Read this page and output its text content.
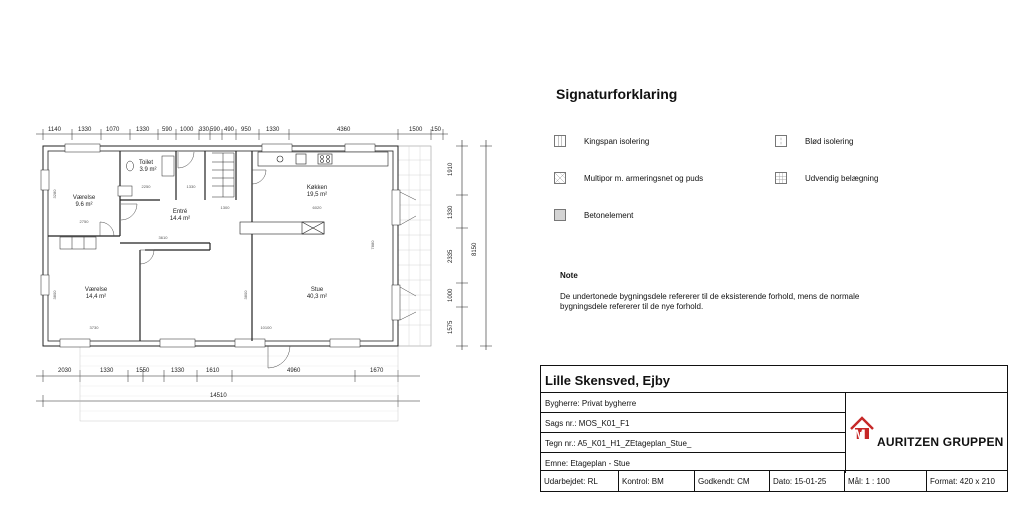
1140	1330 1070	1330 590 1000 330 590 490 950 1330	4360	1500 150
1910
1330
2335
1000
1575
8150
2030	1330	1550	1330	1610	4960	1670
14510
Toilet
3.9 m²
Køkken
19,5 m²
Værelse
9.6 m²
Entré
14.4 m²
Værelse
14,4 m²
Stue
40,3 m²
2250	1330
1300	6020
2750
3610
3730	10100
3280
3800	3800
7880
Signaturforklaring
Kingspan isolering	Blød isolering
Multipor m. armeringsnet og puds	Udvendig belægning
Betonelement
Note
De undertonede bygningsdele refererer til de eksisterende forhold, mens de normale bygningsdele refererer til de nye forhold.
Lille Skensved, Ejby
Bygherre: Privat bygherre
Sags nr.: MOS_K01_F1
Tegn nr.: A5_K01_H1_ZEtageplan_Stue_
Emne: Etageplan - Stue
M AURITZEN GRUPPEN
Udarbejdet: RL	Kontrol: BM	Godkendt: CM	Dato: 15-01-25	Mål: 1 : 100	Format: 420 x 210
